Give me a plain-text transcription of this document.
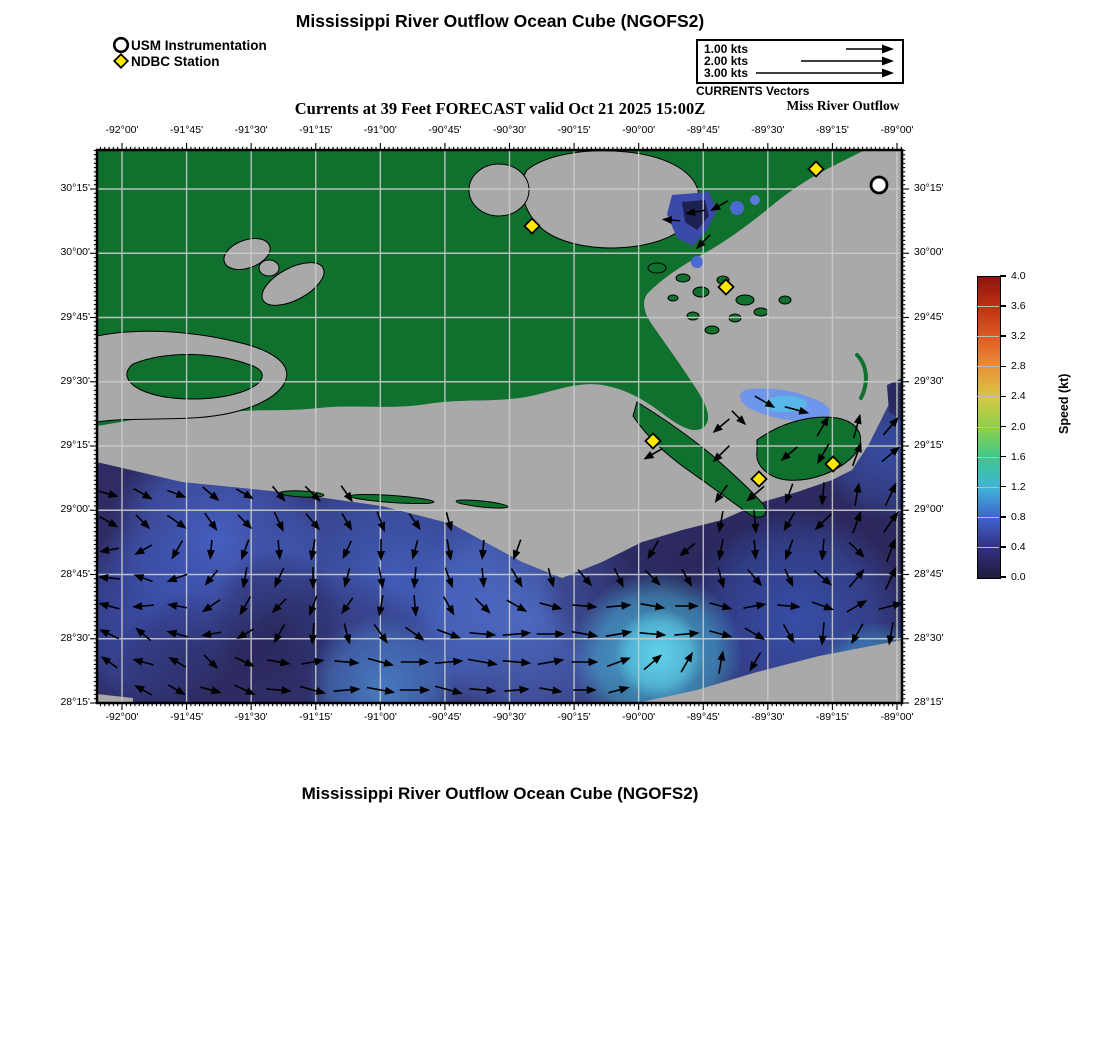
Mississippi River Outflow Ocean Cube (NGOFS2)
Currents at 39 Feet FORECAST valid Oct 21 2025 15:00Z	Miss River Outflow
Mississippi River Outflow Ocean Cube (NGOFS2)
USM Instrumentation
NDBC Station
1.00 kts
2.00 kts
3.00 kts
CURRENTS Vectors
-92°00'
-92°00'
-91°45'
-91°45'
-91°30'
-91°30'
-91°15'
-91°15'
-91°00'
-91°00'
-90°45'
-90°45'
-90°30'
-90°30'
-90°15'
-90°15'
-90°00'
-90°00'
-89°45'
-89°45'
-89°30'
-89°30'
-89°15'
-89°15'
-89°00'
-89°00'
30°15'	30°15'
30°00'	30°00'
29°45'	29°45'
29°30'	29°30'
29°15'	29°15'
29°00'	29°00'
28°45'	28°45'
28°30'	28°30'
28°15'	28°15'
4.0
3.6
3.2
2.8
2.4
2.0
1.6
1.2
0.8
0.4
0.0
Speed (kt)
